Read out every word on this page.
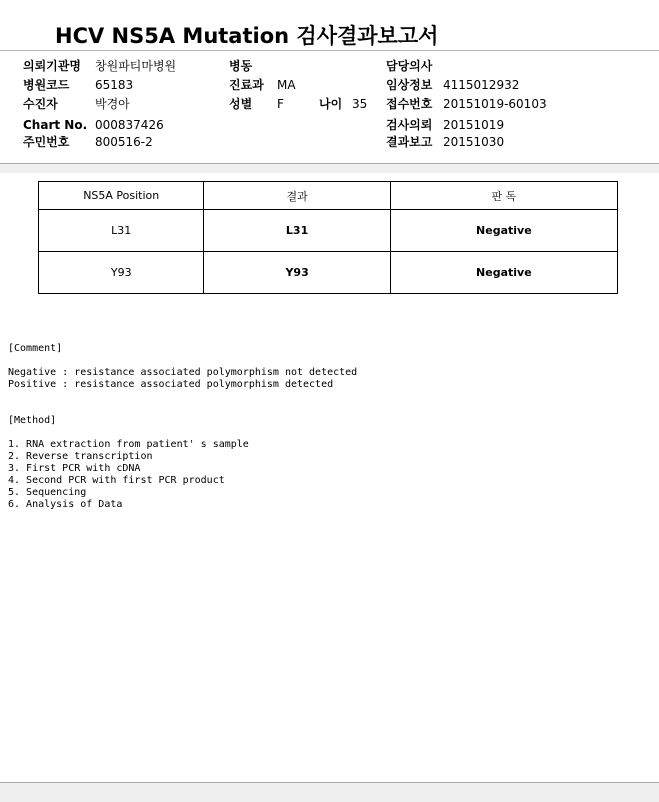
HCV NS5A Mutation 검사결과보고서
의뢰기관명 창원파티마병원	병동	담당의사
병원코드 65183	진료과 MA	임상정보 4115012932
수진자	박경아	성별 F	나이 35 접수번호 20151019-60103
Chart No. 000837426	검사의뢰 20151019
주민번호 800516-2	결과보고 20151030
NS5A Position	결과	판 독
L31	L31	Negative
Y93	Y93	Negative
[Comment]
Negative : resistance associated polymorphism not detected
Positive : resistance associated polymorphism detected
[Method]
1. RNA extraction from patient' s sample
2. Reverse transcription
3. First PCR with cDNA
4. Second PCR with first PCR product
5. Sequencing
6. Analysis of Data
